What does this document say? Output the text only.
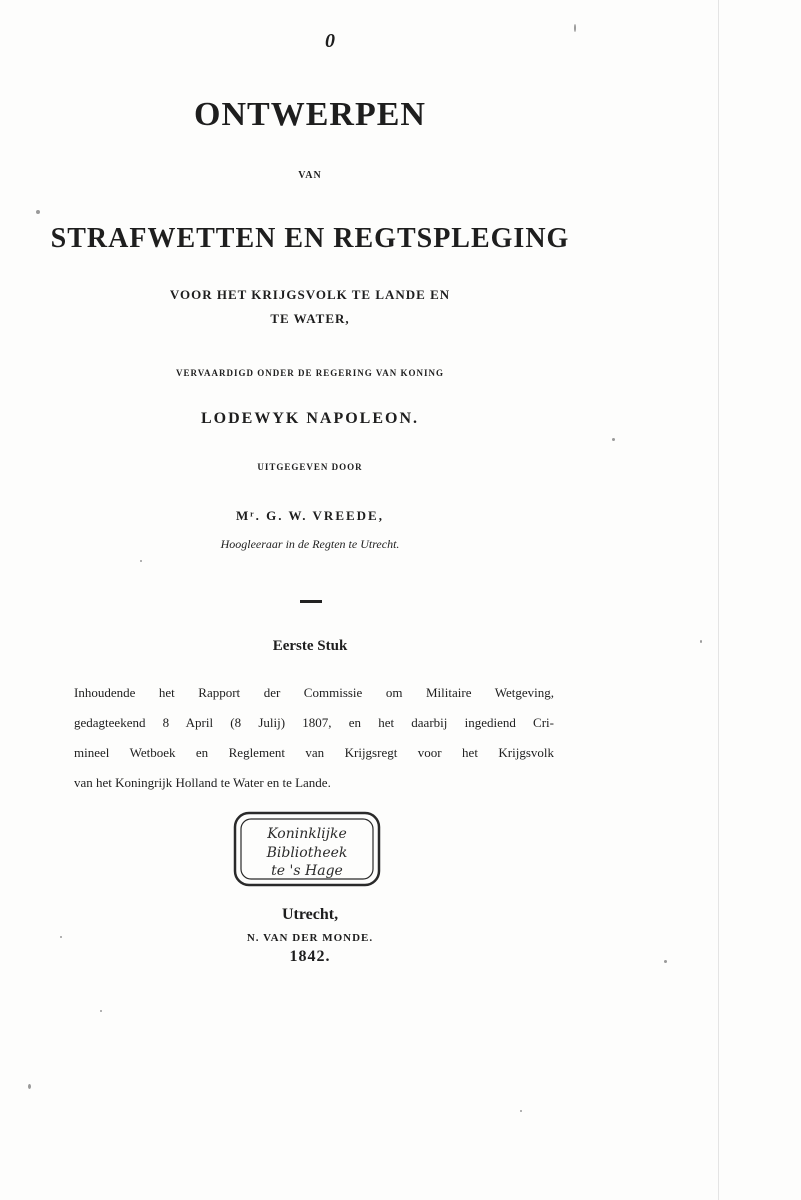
0
ONTWERPEN
VAN
STRAFWETTEN EN REGTSPLEGING
VOOR HET KRIJGSVOLK TE LANDE EN
TE WATER,
VERVAARDIGD ONDER DE REGERING VAN KONING
LODEWYK NAPOLEON.
UITGEGEVEN DOOR
Mʳ. G. W. VREEDE,
Hoogleeraar in de Regten te Utrecht.
Eerste Stuk
Inhoudende het Rapport der Commissie om Militaire Wetgeving,
gedagteekend 8 April (8 Julij) 1807, en het daarbij ingediend Cri-
mineel Wetboek en Reglement van Krijgsregt voor het Krijgsvolk
van het Koningrijk Holland te Water en te Lande.
Koninklijke
Bibliotheek
te 's Hage
Utrecht,
N. VAN DER MONDE.
1842.
